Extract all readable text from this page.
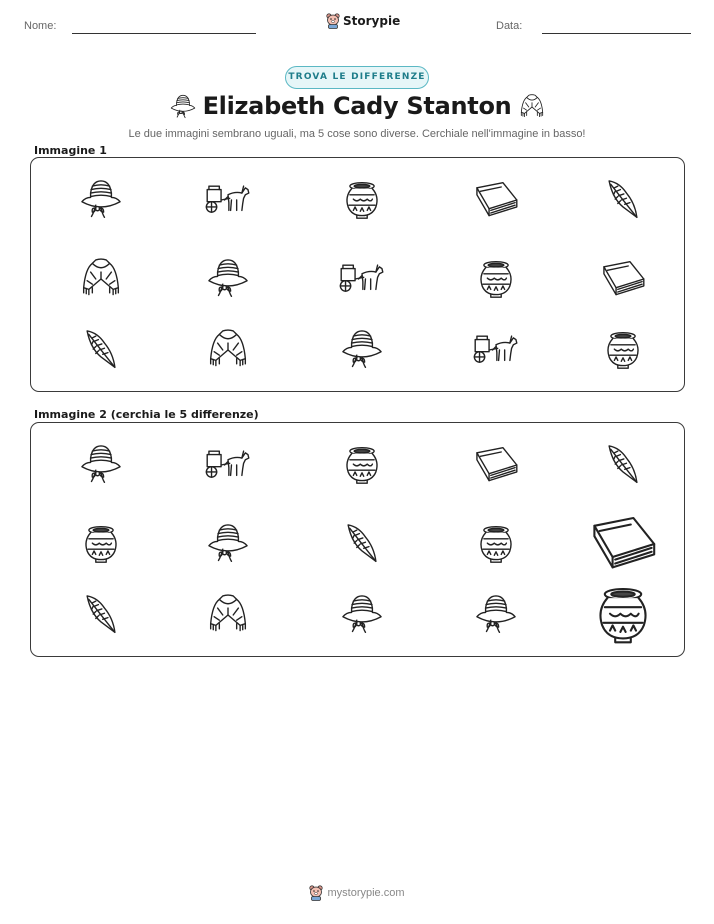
Nome:	Storypie	Data:
TROVA LE DIFFERENZE
Elizabeth Cady Stanton
Le due immagini sembrano uguali, ma 5 cose sono diverse. Cerchiale nell'immagine in basso!
Immagine 1
Immagine 2 (cerchia le 5 differenze)
mystorypie.com
